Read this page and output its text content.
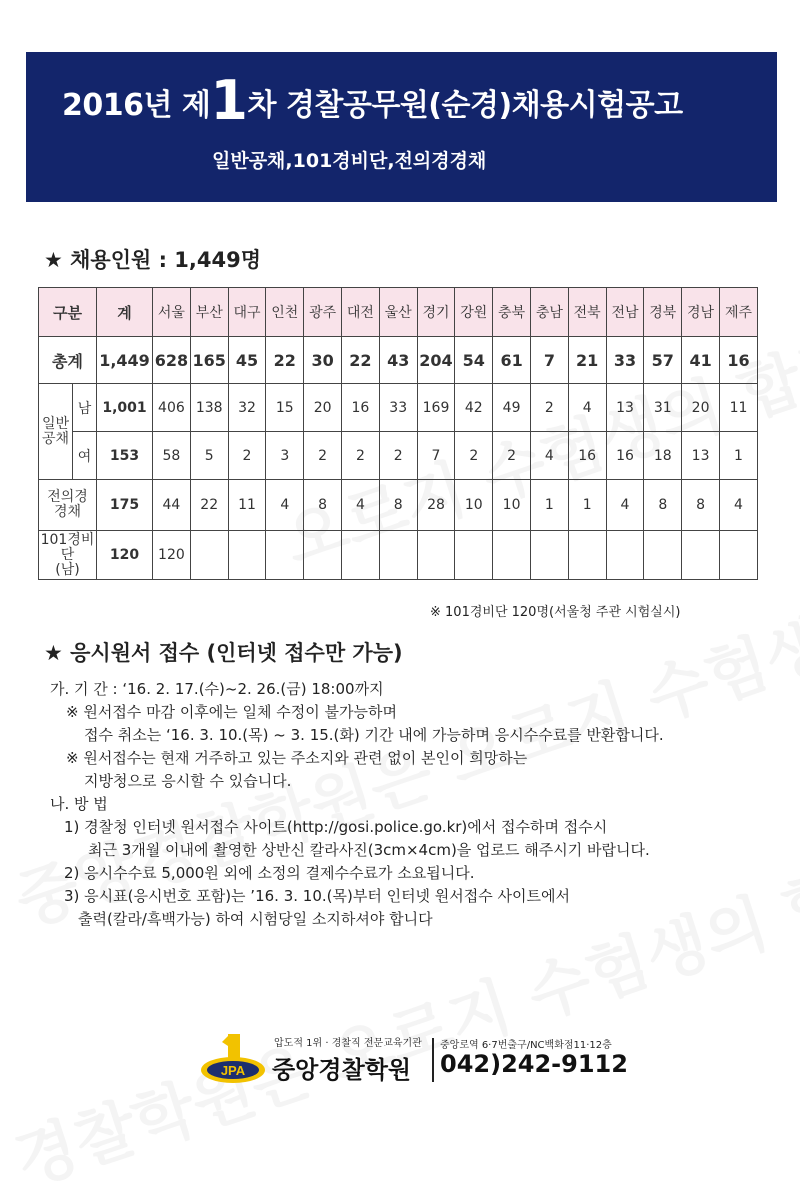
2016년 제1차 경찰공무원(순경)채용시험공고
일반공채,101경비단,전의경경채
★ 채용인원 : 1,449명
구분		계	서울	부산	대구	인천	광주	대전	울산	경기	강원	충북	충남	전북	전남	경북	경남	제주
총계		1,449	628	165	45	22	30	22	43	204	54	61	7	21	33	57	41	16
일반
공채	남	1,001	406	138	32	15	20	16	33	169	42	49	2	4	13	31	20	11
	여	153	58	5	2	3	2	2	2	7	2	2	4	16	16	18	13	1
전의경
경채		175	44	22	11	4	8	4	8	28	10	10	1	1	4	8	8	4
101경비단
(남)		120	120															
※ 101경비단 120명(서울청 주관 시험실시)
★ 응시원서 접수 (인터넷 접수만 가능)
가. 기 간 : ‘16. 2. 17.(수)~2. 26.(금) 18:00까지
※ 원서접수 마감 이후에는 일체 수정이 불가능하며
접수 취소는 ‘16. 3. 10.(목) ~ 3. 15.(화) 기간 내에 가능하며 응시수수료를 반환합니다.
※ 원서접수는 현재 거주하고 있는 주소지와 관련 없이 본인이 희망하는
지방청으로 응시할 수 있습니다.
나. 방 법
1) 경찰청 인터넷 원서접수 사이트(http://gosi.police.go.kr)에서 접수하며 접수시
최근 3개월 이내에 촬영한 상반신 칼라사진(3cm×4cm)을 업로드 해주시기 바랍니다.
2) 응시수수료 5,000원 외에 소정의 결제수수료가 소요됩니다.
3) 응시표(응시번호 포함)는 ’16. 3. 10.(목)부터 인터넷 원서접수 사이트에서
출력(칼라/흑백가능) 하여 시험당일 소지하셔야 합니다
JPA
압도적 1위 · 경찰직 전문교육기관
중앙경찰학원
중앙로역 6·7번출구/NC백화점11·12층
042)242-9112
